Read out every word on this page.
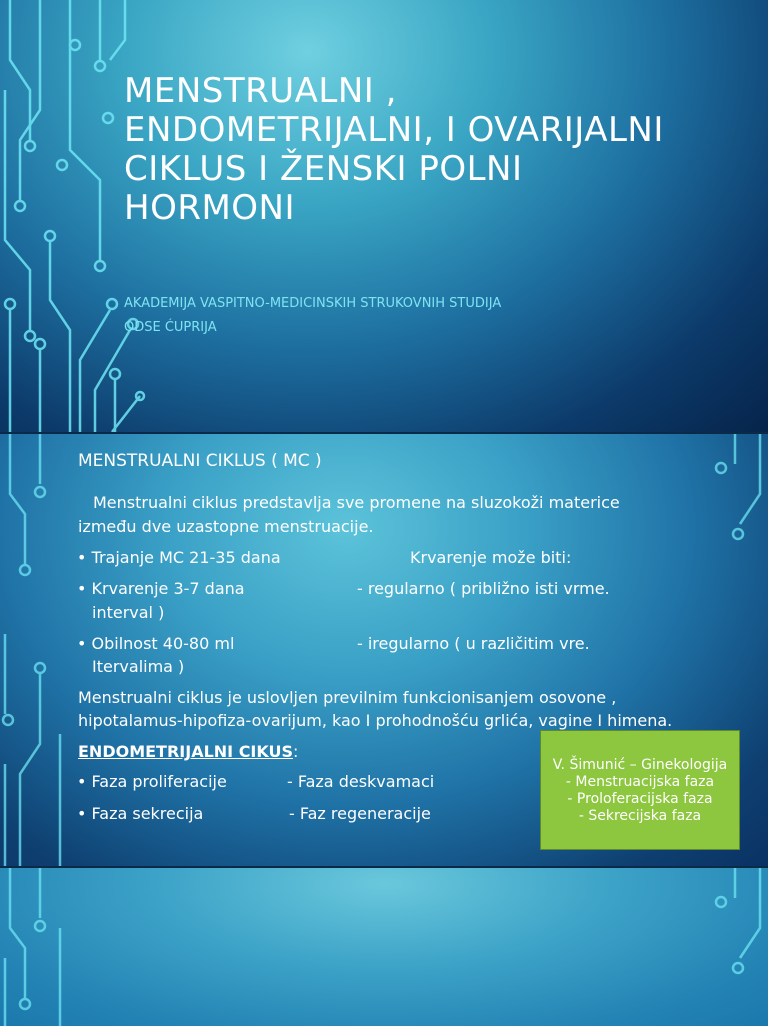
MENSTRUALNI ,
ENDOMETRIJALNI, I OVARIJALNI
CIKLUS I ŽENSKI POLNI
HORMONI
AKADEMIJA VASPITNO-MEDICINSKIH STRUKOVNIH STUDIJA
ODSE ĆUPRIJA
MENSTRUALNI CIKLUS ( MC )
Menstrualni ciklus predstavlja sve promene na sluzokoži materice
između dve uzastopne menstruacije.
• Trajanje MC 21-35 dana
• Krvarenje 3-7 dana
interval )
• Obilnost 40-80 ml
Itervalima )
Krvarenje može biti:
- regularno ( približno isti vrme.
- iregularno ( u različitim vre.
Menstrualni ciklus je uslovljen previlnim funkcionisanjem osovone ,
hipotalamus-hipofiza-ovarijum, kao I prohodnošću grlića, vagine I himena.
ENDOMETRIJALNI CIKUS:
• Faza proliferacije
• Faza sekrecija
- Faza deskvamaci
- Faz regeneracije
V. Šimunić – Ginekologija
- Menstruacijska faza
- Proloferacijska faza
- Sekrecijska faza
